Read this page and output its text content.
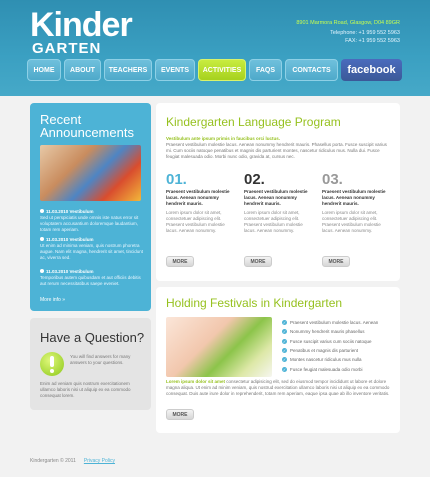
Kinder
GARTEN
8901 Marmora Road, Glasgow, D04 89GR
Telephone: +1 959 552 5963
FAX: +1 959 552 5963
HOME	ABOUT	TEACHERS	EVENTS	ACTIVITIES	FAQS	CONTACTS	facebook
Recent Announcements
11.03.2010 Vestibulum
Sed ut perspiciatis unde omnis iste natus error sit voluptatem accusantium doloremque laudantium, totam rem aperiam.
11.03.2010 Vestibulum
Ut enim ad minima veniam, quis nostrum phoretra augue. Nam elit magna, hendrerit sit amet, tincidunt ac, viverra sed.
11.03.2010 Vestibulum
Temporibus autem quibusdam et aut officiis debitis aut rerum necessitatibus saepe eveniet.
More info »
Have a Question?
You will find answers for many answers to your questions.
Enim ad veniam quis nostrum exercitationem ullamco laboris nisi ut aliquip ex ea commodo consequat lorem.
Kindergarten Language Program
Vestibulum ante ipsum primis in faucibus orci luctus.
Praesent vestibulum molestie lacus. Aenean nonummy hendrerit mauris. Phasellus porta. Fusce suscipit varius mi. Cum sociis natoque penatibus et magnis dis parturient montes, nascetur ridiculus mus. Nulla dui. Fusce feugiat malesuada odio. Morbi nunc odio, gravida at, cursus nec.
01.
Praesent vestibulum molestie lacus. Aenean nonummy hendrerit mauris.
Lorem ipsum dolor sit amet, consectetuer adipiscing elit. Praesent vestibulum molestie lacus. Aenean nonummy.
02.
Praesent vestibulum molestie lacus. Aenean nonummy hendrerit mauris.
Lorem ipsum dolor sit amet, consectetuer adipiscing elit. Praesent vestibulum molestie lacus. Aenean nonummy.
03.
Praesent vestibulum molestie lacus. Aenean nonummy hendrerit mauris.
Lorem ipsum dolor sit amet, consectetuer adipiscing elit. Praesent vestibulum molestie lacus. Aenean nonummy.
MORE	MORE	MORE
Holding Festivals in Kindergarten
✓ Praesent vestibulum molestie lacus. Aenean
✓ Nonummy hendrerit mauris phasellus
✓ Fusce suscipit varius cum sociis natoque
✓ Penatibus et magnis dis parturient
✓ Montes nascetur ridiculus mus nulla
✓ Fusce feugiat malesuada odio morbi
Lorem ipsum dolor sit amet consectetur adipisicing elit, sed do eiusmod tempor incididunt ut labore et dolore magna aliqua. Ut enim ad minim veniam, quis nostrud exercitation ullamco laboris nisi ut aliquip ex ea commodo consequat. Duis aute irure dolor in reprehenderit, totam rem aperiam, eaque ipsa quae ab illo inventore veritatis.
MORE
Kindergarten © 2011 Privacy Policy
